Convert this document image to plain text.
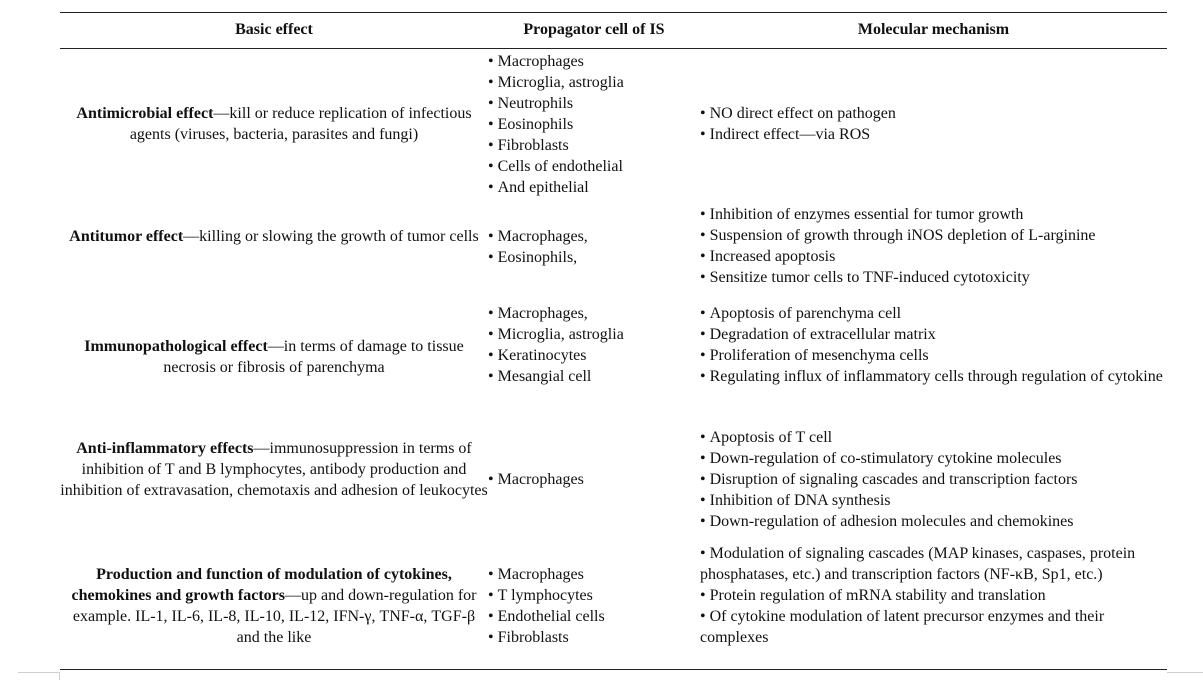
Basic effect	Propagator cell of IS	Molecular mechanism
Antimicrobial effect—kill or reduce replication of infectious agents (viruses, bacteria, parasites and fungi)
• Macrophages
• Microglia, astroglia
• Neutrophils
• Eosinophils
• Fibroblasts
• Cells of endothelial
• And epithelial
• NO direct effect on pathogen
• Indirect effect—via ROS
Antitumor effect—killing or slowing the growth of tumor cells
•	Macrophages,
• Eosinophils,
• Inhibition of enzymes essential for tumor growth
• Suspension of growth through iNOS depletion of L-arginine
• Increased apoptosis
• Sensitize tumor cells to TNF-induced cytotoxicity
Immunopathological effect—in terms of damage to tissue necrosis or fibrosis of parenchyma
• Macrophages,
• Microglia, astroglia
• Keratinocytes
• Mesangial cell
• Apoptosis of parenchyma cell
• Degradation of extracellular matrix
• Proliferation of mesenchyma cells
• Regulating influx of inflammatory cells through regulation of cytokine
Anti-inflammatory effects—immunosuppression in terms of inhibition of T and B lymphocytes, antibody production and inhibition of extravasation, chemotaxis and adhesion of leukocytes
• Macrophages
• Apoptosis of T cell
• Down-regulation of co-stimulatory cytokine molecules
• Disruption of signaling cascades and transcription factors
• Inhibition of DNA synthesis
• Down-regulation of adhesion molecules and chemokines
Production and function of modulation of cytokines, chemokines and growth factors—up and down-regulation for example. IL-1, IL-6, IL-8, IL-10, IL-12, IFN-γ, TNF-α, TGF-β and the like
• Macrophages
• T lymphocytes
• Endothelial cells
• Fibroblasts
• Modulation of signaling cascades (MAP kinases, caspases, protein phosphatases, etc.) and transcription factors (NF-κB, Sp1, etc.)
• Protein regulation of mRNA stability and translation
• Of cytokine modulation of latent precursor enzymes and their complexes
